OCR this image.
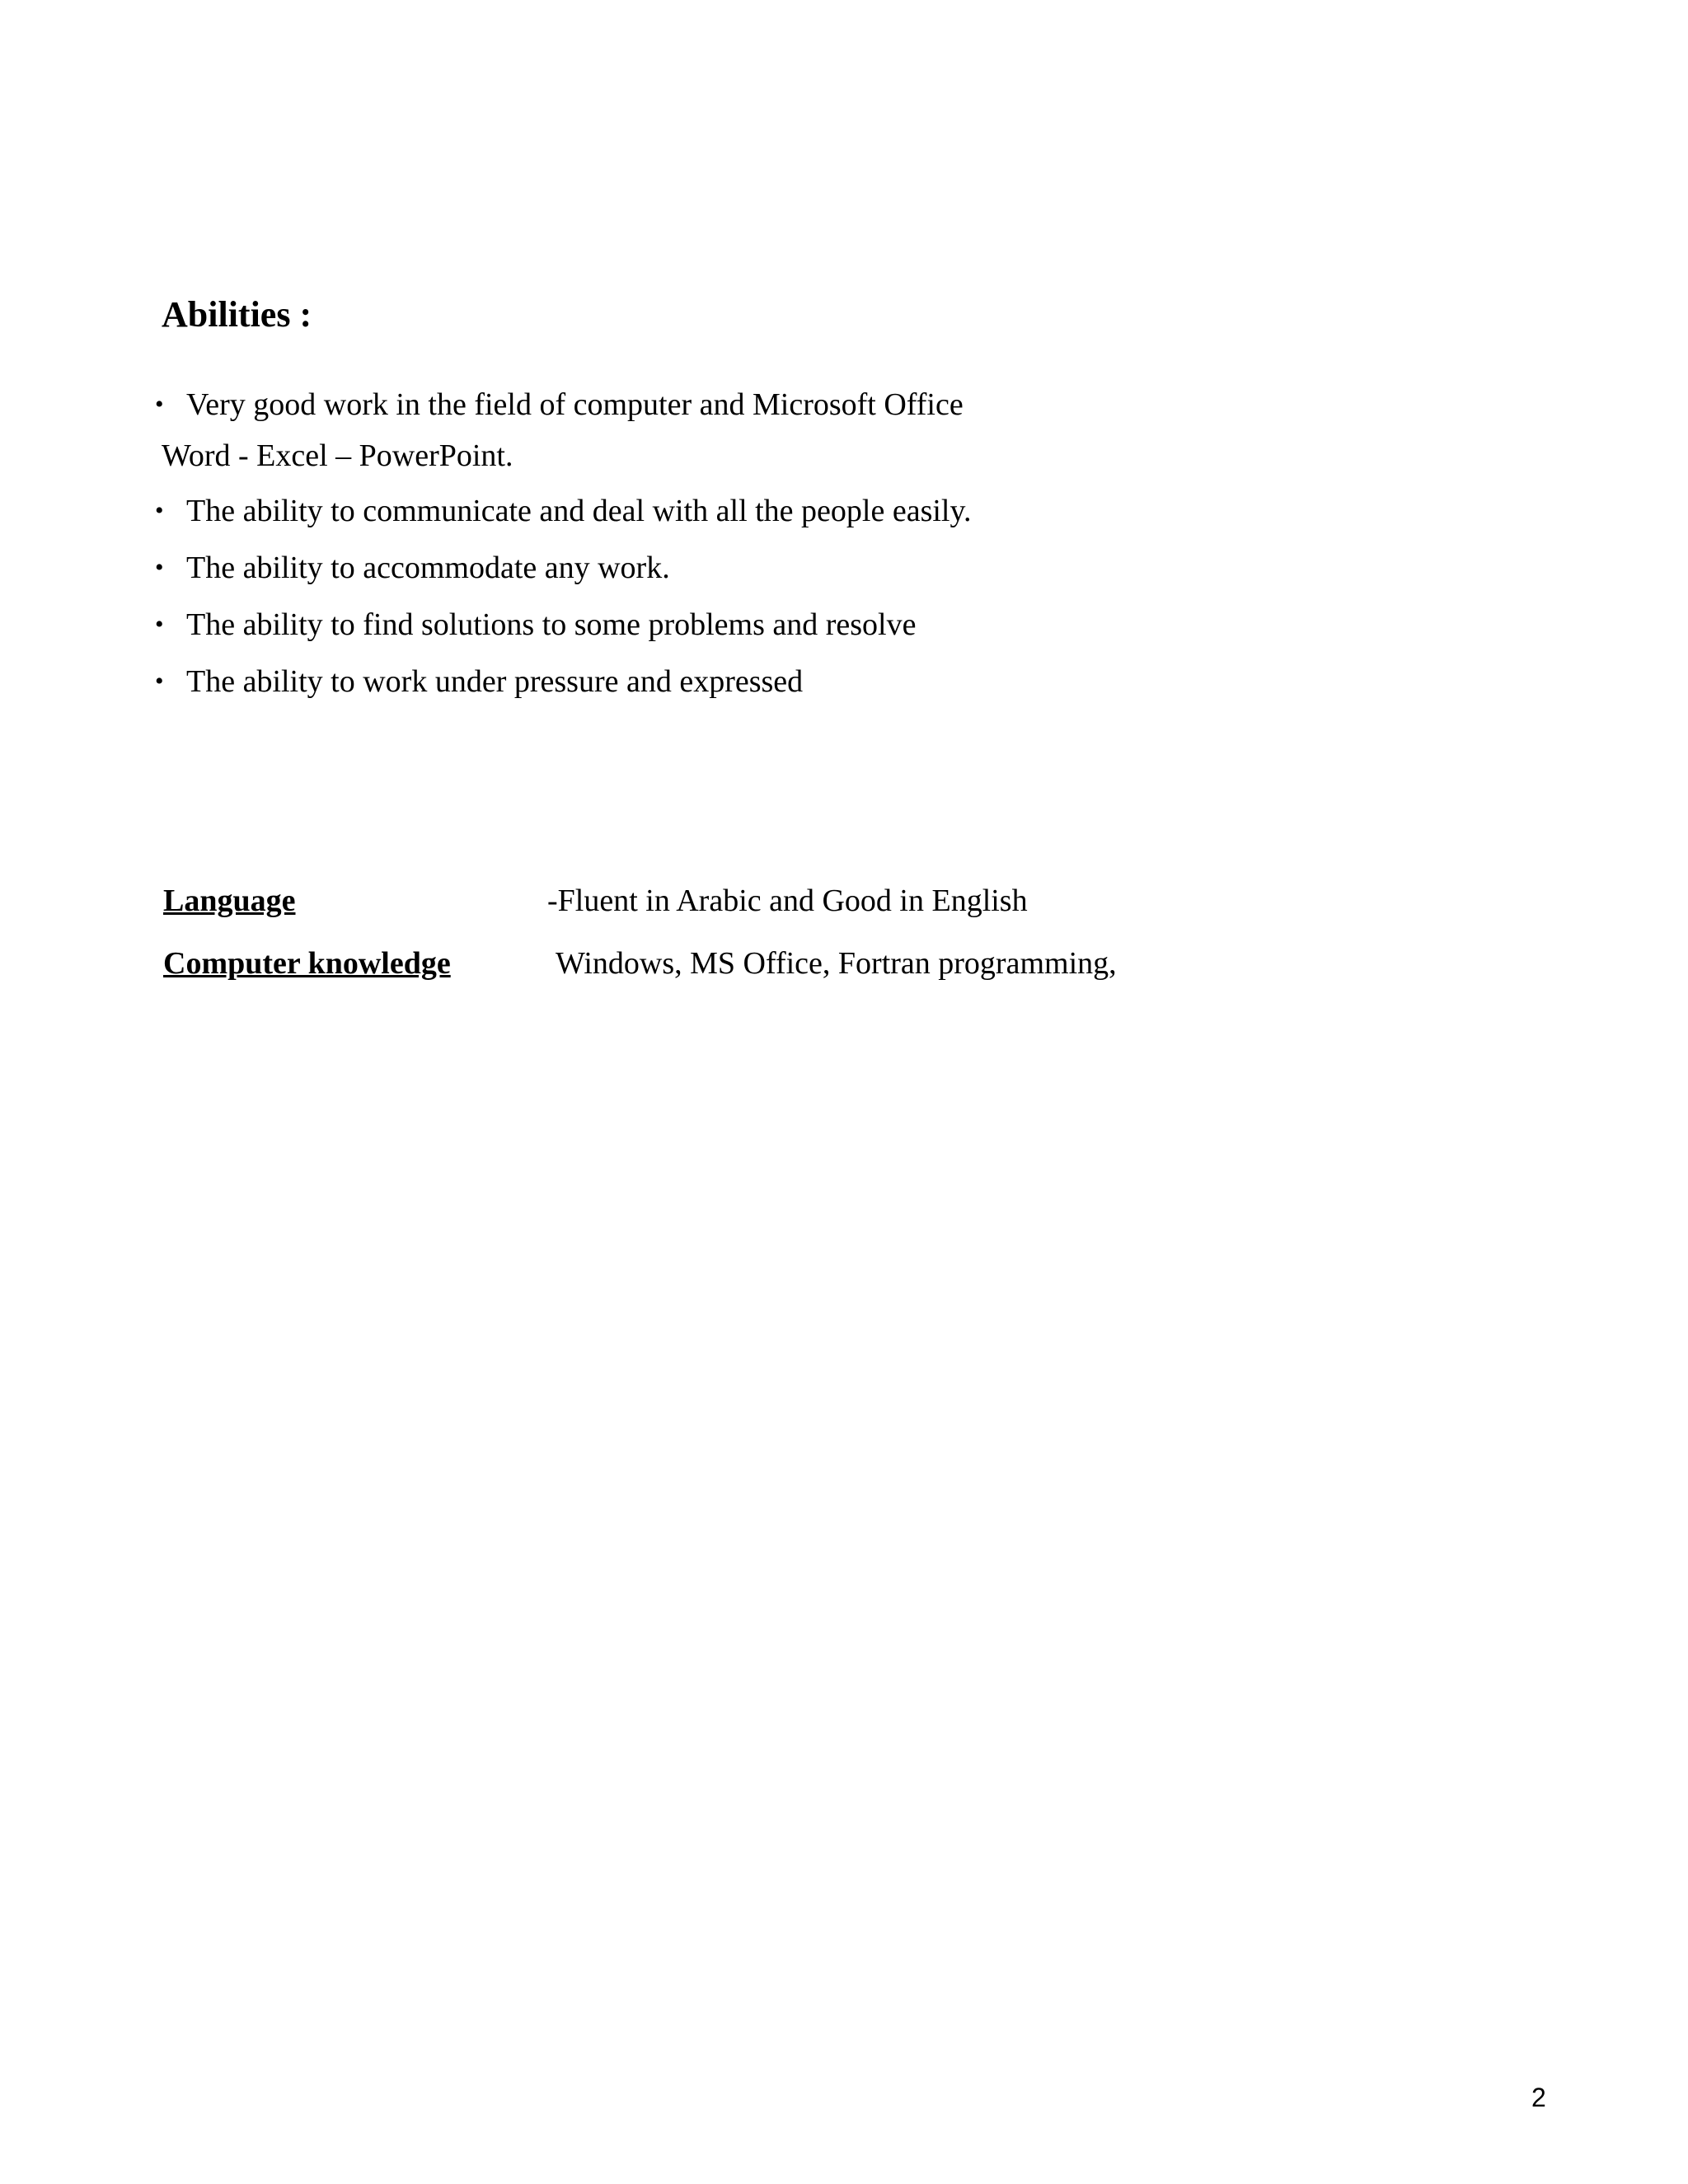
Abilities :
• Very good work in the field of computer and Microsoft Office
Word - Excel – PowerPoint.
• The ability to communicate and deal with all the people easily.
• The ability to accommodate any work.
• The ability to find solutions to some problems and resolve
• The ability to work under pressure and expressed
Language	-Fluent in Arabic and Good in English
Computer knowledge	Windows, MS Office, Fortran programming,
2
